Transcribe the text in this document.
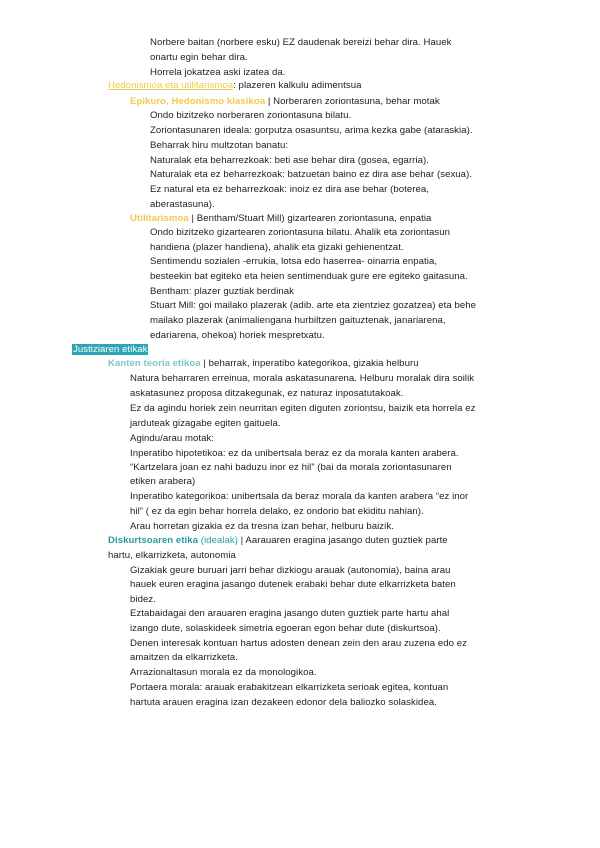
Norbere baitan (norbere esku) EZ daudenak bereizi behar dira. Hauek
onartu egin behar dira.
Horrela jokatzea aski izatea da.
Hedonismoa eta utilitarismoa: plazeren kalkulu adimentsua
Epikuro, Hedonismo klasikoa | Norberaren zoriontasuna, behar motak
Ondo bizitzeko norberaren zoriontasuna bilatu.
Zoriontasunaren ideala: gorputza osasuntsu, arima kezka gabe (ataraskia).
Beharrak hiru multzotan banatu:
Naturalak eta beharrezkoak: beti ase behar dira (gosea, egarria).
Naturalak eta ez beharrezkoak: batzuetan baino ez dira ase behar (sexua).
Ez natural eta ez beharrezkoak: inoiz ez dira ase behar (boterea,
aberastasuna).
Utilitarismoa | Bentham/Stuart Mill) gizartearen zoriontasuna, enpatia
Ondo bizitzeko gizartearen zoriontasuna bilatu. Ahalik eta zoriontasun
handiena (plazer handiena), ahalik eta gizaki gehienentzat.
Sentimendu sozialen -errukia, lotsa edo haserrea- oinarria enpatia,
besteekin bat egiteko eta heien sentimenduak gure ere egiteko gaitasuna.
Bentham: plazer guztiak berdinak
Stuart Mill: goi mailako plazerak (adib. arte eta zientziez gozatzea) eta behe
mailako plazerak (animaliengana hurbiltzen gaituztenak, janariarena,
edariarena, ohekoa) horiek mespretxatu.
Justiziaren etikak
Kanten teoria etikoa | beharrak, inperatibo kategorikoa, gizakia helburu
Natura beharraren erreinua, morala askatasunarena. Helburu moralak dira soilik
askatasunez proposa ditzakegunak, ez naturaz inposatutakoak.
Ez da agindu horiek zein neurritan egiten diguten zoriontsu, baizik eta horrela ez
jarduteak gizagabe egiten gaituela.
Agindu/arau motak:
Inperatibo hipotetikoa: ez da unibertsala beraz ez da morala kanten arabera.
“Kartzelara joan ez nahi baduzu inor ez hil” (bai da morala zoriontasunaren
etiken arabera)
Inperatibo kategorikoa: unibertsala da beraz morala da kanten arabera “ez inor
hil” ( ez da egin behar horrela delako, ez ondorio bat ekiditu nahian).
Arau horretan gizakia ez da tresna izan behar, helburu baizik.
Diskurtsoaren etika (idealak) | Aarauaren eragina jasango duten guztiek parte
hartu, elkarrizketa, autonomia
Gizakiak geure buruari jarri behar dizkiogu arauak (autonomia), baina arau
hauek euren eragina jasango dutenek erabaki behar dute elkarrizketa baten
bidez.
Eztabaidagai den arauaren eragina jasango duten guztiek parte hartu ahal
izango dute, solaskideek simetria egoeran egon behar dute (diskurtsoa).
Denen interesak kontuan hartus adosten denean zein den arau zuzena edo ez
amaitzen da elkarrizketa.
Arrazionaltasun morala ez da monologikoa.
Portaera morala: arauak erabakitzean elkarrizketa serioak egitea, kontuan
hartuta arauen eragina izan dezakeen edonor dela baliozko solaskidea.
